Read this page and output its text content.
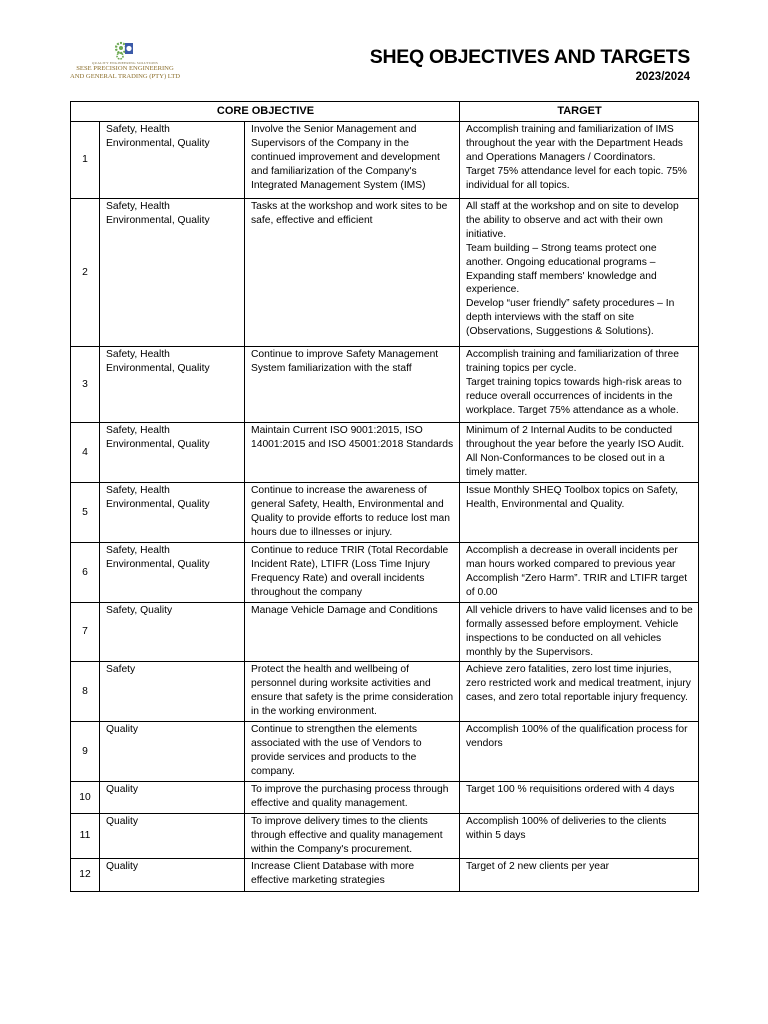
QUALITY ENGINEERING SOLUTIONS
SESE PRECISION ENGINEERING
AND GENERAL TRADING (PTY) LTD
SHEQ OBJECTIVES AND TARGETS
2023/2024
CORE OBJECTIVE			TARGET
1	Safety, Health
Environmental, Quality	Involve the Senior Management and Supervisors of the Company in the continued improvement and development and familiarization of the Company's Integrated Management System (IMS)	Accomplish training and familiarization of IMS throughout the year with the Department Heads and Operations Managers / Coordinators.
Target 75% attendance level for each topic. 75% individual for all topics.
2	Safety, Health
Environmental, Quality	Tasks at the workshop and work sites to be safe, effective and efficient	All staff at the workshop and on site to develop the ability to observe and act with their own initiative.
Team building – Strong teams protect one another. Ongoing educational programs – Expanding staff members' knowledge and experience.
Develop “user friendly” safety procedures – In depth interviews with the staff on site (Observations, Suggestions & Solutions).
3	Safety, Health
Environmental, Quality	Continue to improve Safety Management System familiarization with the staff	Accomplish training and familiarization of three training topics per cycle.
Target training topics towards high-risk areas to reduce overall occurrences of incidents in the workplace. Target 75% attendance as a whole.
4	Safety, Health
Environmental, Quality	Maintain Current ISO 9001:2015, ISO 14001:2015 and ISO 45001:2018 Standards	Minimum of 2 Internal Audits to be conducted throughout the year before the yearly ISO Audit. All Non-Conformances to be closed out in a timely matter.
5	Safety, Health
Environmental, Quality	Continue to increase the awareness of general Safety, Health, Environmental and Quality to provide efforts to reduce lost man hours due to illnesses or injury.	Issue Monthly SHEQ Toolbox topics on Safety, Health, Environmental and Quality.
6	Safety, Health
Environmental, Quality	Continue to reduce TRIR (Total Recordable Incident Rate), LTIFR (Loss Time Injury Frequency Rate) and overall incidents throughout the company	Accomplish a decrease in overall incidents per man hours worked compared to previous year Accomplish “Zero Harm”. TRIR and LTIFR target of 0.00
7	Safety, Quality	Manage Vehicle Damage and Conditions	All vehicle drivers to have valid licenses and to be formally assessed before employment. Vehicle inspections to be conducted on all vehicles monthly by the Supervisors.
8	Safety	Protect the health and wellbeing of personnel during worksite activities and ensure that safety is the prime consideration in the working environment.	Achieve zero fatalities, zero lost time injuries, zero restricted work and medical treatment, injury cases, and zero total reportable injury frequency.
9	Quality	Continue to strengthen the elements associated with the use of Vendors to provide services and products to the company.	Accomplish 100% of the qualification process for vendors
10	Quality	To improve the purchasing process through effective and quality management.	Target 100 % requisitions ordered with 4 days
11	Quality	To improve delivery times to the clients through effective and quality management within the Company's procurement.	Accomplish 100% of deliveries to the clients within 5 days
12	Quality	Increase Client Database with more effective marketing strategies	Target of 2 new clients per year
